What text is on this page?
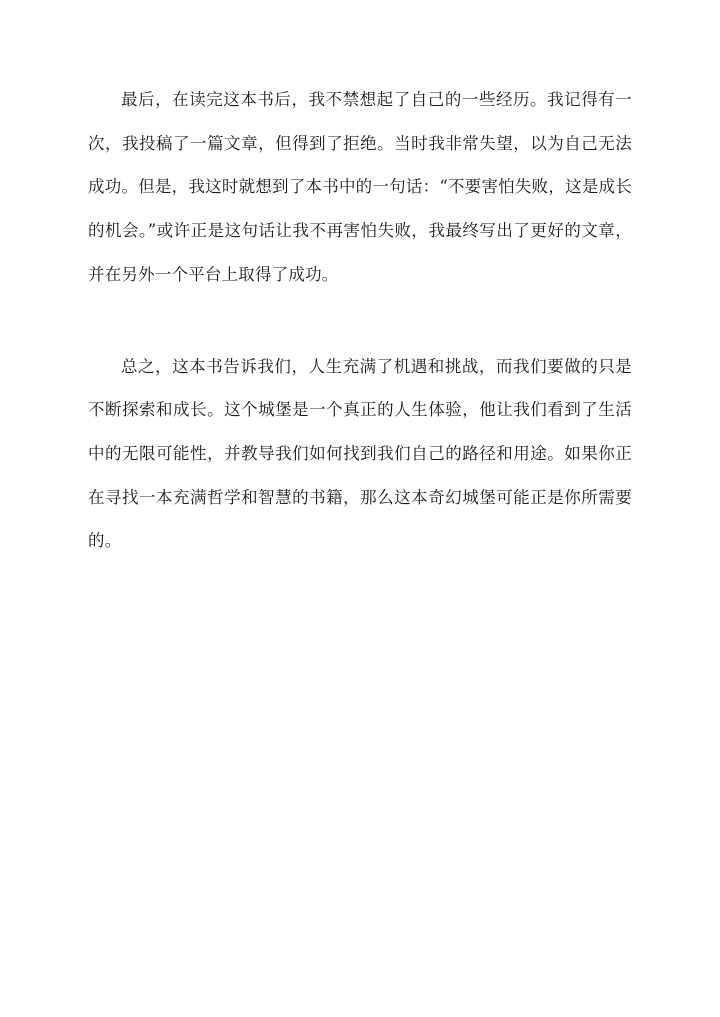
最后，在读完这本书后，我不禁想起了自己的一些经历。我记得有一次，我投稿了一篇文章，但得到了拒绝。当时我非常失望，以为自己无法成功。但是，我这时就想到了本书中的一句话：“不要害怕失败，这是成长的机会。”或许正是这句话让我不再害怕失败，我最终写出了更好的文章，并在另外一个平台上取得了成功。

总之，这本书告诉我们，人生充满了机遇和挑战，而我们要做的只是不断探索和成长。这个城堡是一个真正的人生体验，他让我们看到了生活中的无限可能性，并教导我们如何找到我们自己的路径和用途。如果你正在寻找一本充满哲学和智慧的书籍，那么这本奇幻城堡可能正是你所需要的。
